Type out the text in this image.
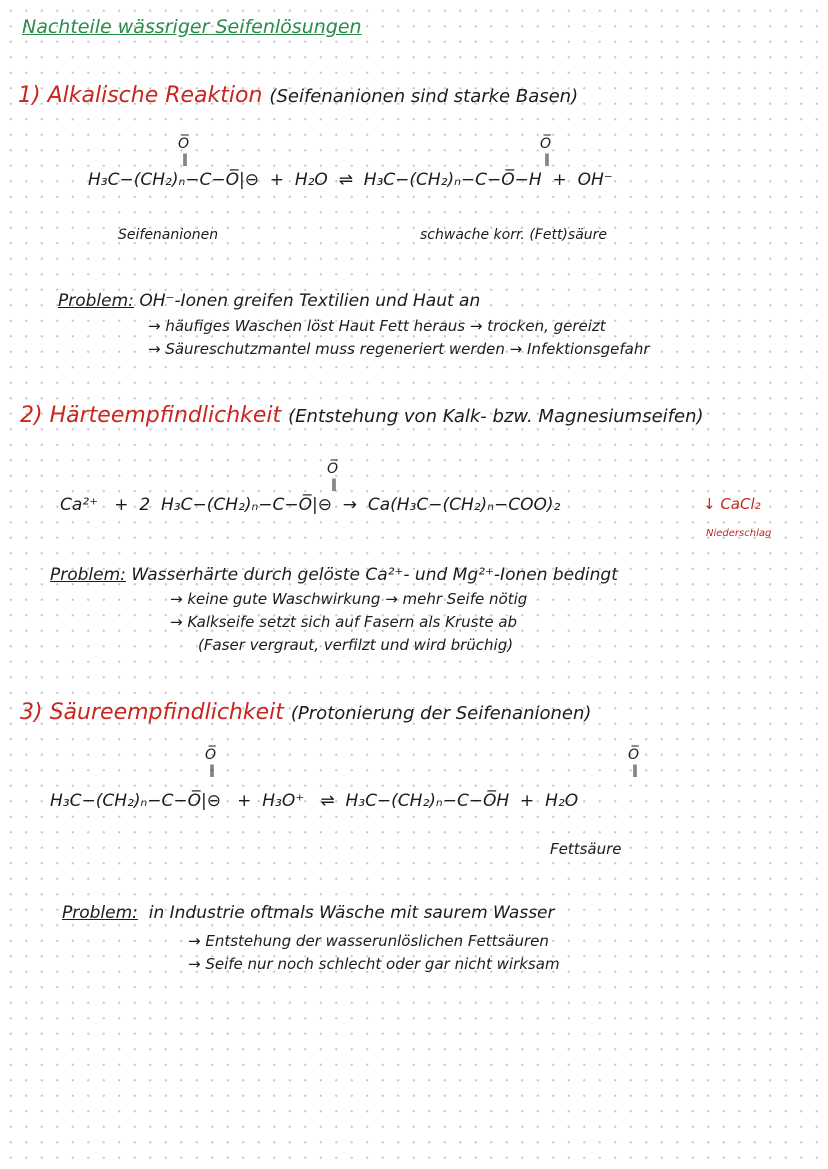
Nachteile wässriger Seifenlösungen
1) Alkalische Reaktion (Seifenanionen sind starke Basen)
O̅
‖
O̅
‖
H₃C−(CH₂)ₙ−C−O̅|⊖ + H₂O ⇌ H₃C−(CH₂)ₙ−C−O̅−H + OH⁻
Seifenanionen	schwache korr. (Fett)säure
Problem: OH⁻-Ionen greifen Textilien und Haut an
→ häufiges Waschen löst Haut Fett heraus → trocken, gereizt
→ Säureschutzmantel muss regeneriert werden → Infektionsgefahr
2) Härteempfindlichkeit (Entstehung von Kalk- bzw. Magnesiumseifen)
O̅
‖
Ca²⁺ + 2 H₃C−(CH₂)ₙ−C−O̅|⊖ → Ca(H₃C−(CH₂)ₙ−COO)₂	↓ CaCl₂
Niederschlag
Problem: Wasserhärte durch gelöste Ca²⁺- und Mg²⁺-Ionen bedingt
→ keine gute Waschwirkung → mehr Seife nötig
→ Kalkseife setzt sich auf Fasern als Kruste ab
(Faser vergraut, verfilzt und wird brüchig)
3) Säureempfindlichkeit (Protonierung der Seifenanionen)
O̅
‖
O̅
‖
H₃C−(CH₂)ₙ−C−O̅|⊖ + H₃O⁺ ⇌ H₃C−(CH₂)ₙ−C−O̅H + H₂O
Fettsäure
Problem: in Industrie oftmals Wäsche mit saurem Wasser
→ Entstehung der wasserunlöslichen Fettsäuren
→ Seife nur noch schlecht oder gar nicht wirksam
